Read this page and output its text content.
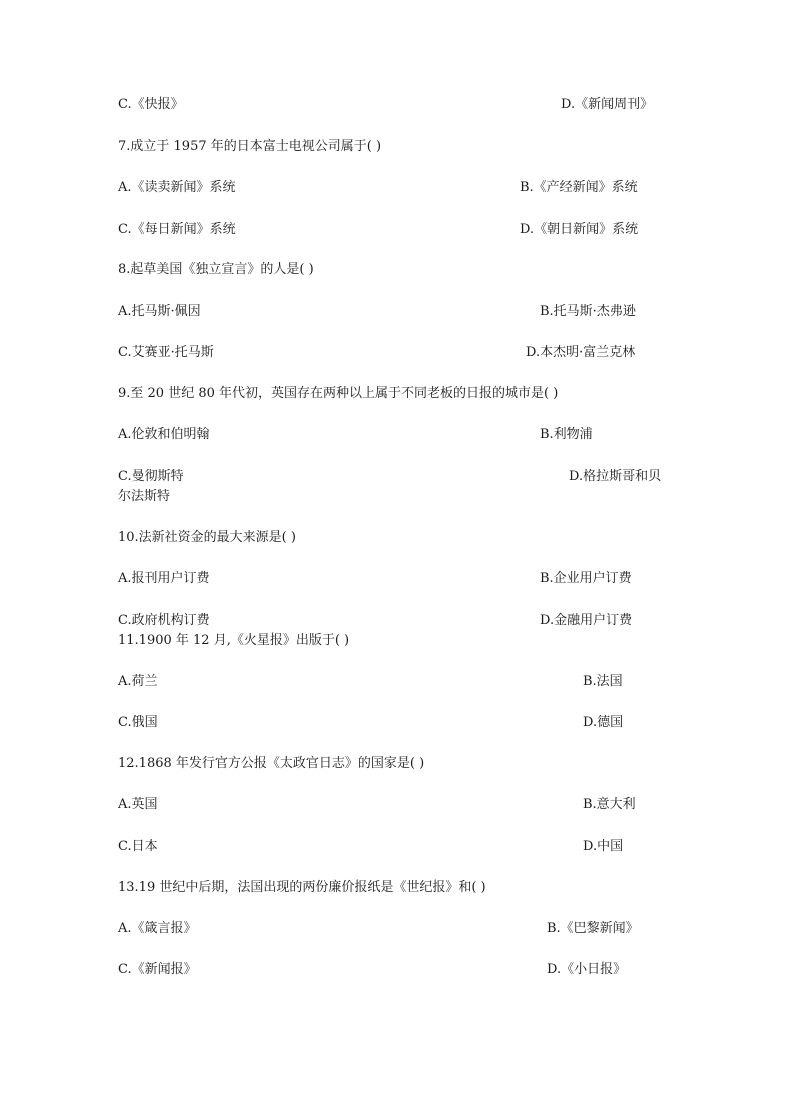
C.《快报》	D.《新闻周刊》
7.成立于 1957 年的日本富士电视公司属于( )
A.《读卖新闻》系统	B.《产经新闻》系统
C.《每日新闻》系统	D.《朝日新闻》系统
8.起草美国《独立宣言》的人是( )
A.托马斯·佩因	B.托马斯·杰弗逊
C.艾赛亚·托马斯	D.本杰明·富兰克林
9.至 20 世纪 80 年代初，英国存在两种以上属于不同老板的日报的城市是( )
A.伦敦和伯明翰	B.利物浦
C.曼彻斯特	D.格拉斯哥和贝
尔法斯特
10.法新社资金的最大来源是( )
A.报刊用户订费	B.企业用户订费
C.政府机构订费	D.金融用户订费
11.1900 年 12 月,《火星报》出版于( )
A.荷兰	B.法国
C.俄国	D.德国
12.1868 年发行官方公报《太政官日志》的国家是( )
A.英国	B.意大利
C.日本	D.中国
13.19 世纪中后期，法国出现的两份廉价报纸是《世纪报》和( )
A.《箴言报》	B.《巴黎新闻》
C.《新闻报》	D.《小日报》
